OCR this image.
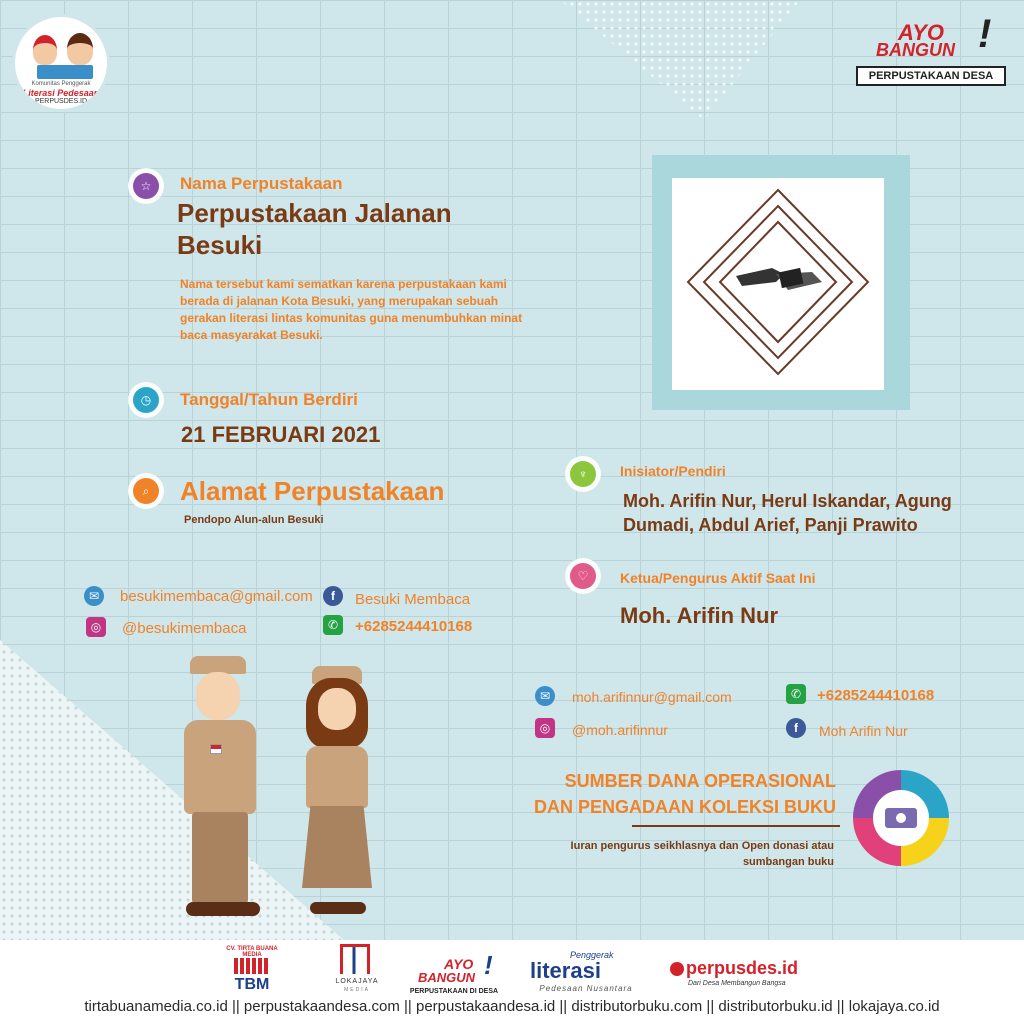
Komunitas Penggerak
Literasi Pedesaan
PERPUSDES.ID
AYO
BANGUN !
PERPUSTAKAAN DESA
☆	Nama Perpustakaan
Perpustakaan Jalanan
Besuki
Nama tersebut kami sematkan karena perpustakaan kami
berada di jalanan Kota Besuki, yang merupakan sebuah
gerakan literasi lintas komunitas guna menumbuhkan minat
baca masyarakat Besuki.
◷	Tanggal/Tahun Berdiri
21 FEBRUARI 2021
⌕	Alamat Perpustakaan
Pendopo Alun-alun Besuki
♆	Inisiator/Pendiri
Moh. Arifin Nur, Herul Iskandar, Agung
Dumadi, Abdul Arief, Panji Prawito
♡	Ketua/Pengurus Aktif Saat Ini
Moh. Arifin Nur
✉	besukimembaca@gmail.com	f	Besuki Membaca
◎	@besukimembaca	✆	+6285244410168
✉	moh.arifinnur@gmail.com	✆	+6285244410168
◎	@moh.arifinnur	f	Moh Arifin Nur
SUMBER DANA OPERASIONAL
DAN PENGADAAN KOLEKSI BUKU
Iuran pengurus seikhlasnya dan Open donasi atau
sumbangan buku
CV. TIRTA BUANA MEDIA
TBM	LOKAJAYA
MEDIA
AYO
BANGUN !
PERPUSTAKAAN DI DESA
Penggerak
literasi
Pedesaan Nusantara
perpusdes.id
Dari Desa Membangun Bangsa
tirtabuanamedia.co.id || perpustakaandesa.com || perpustakaandesa.id || distributorbuku.com || distributorbuku.id || lokajaya.co.id
